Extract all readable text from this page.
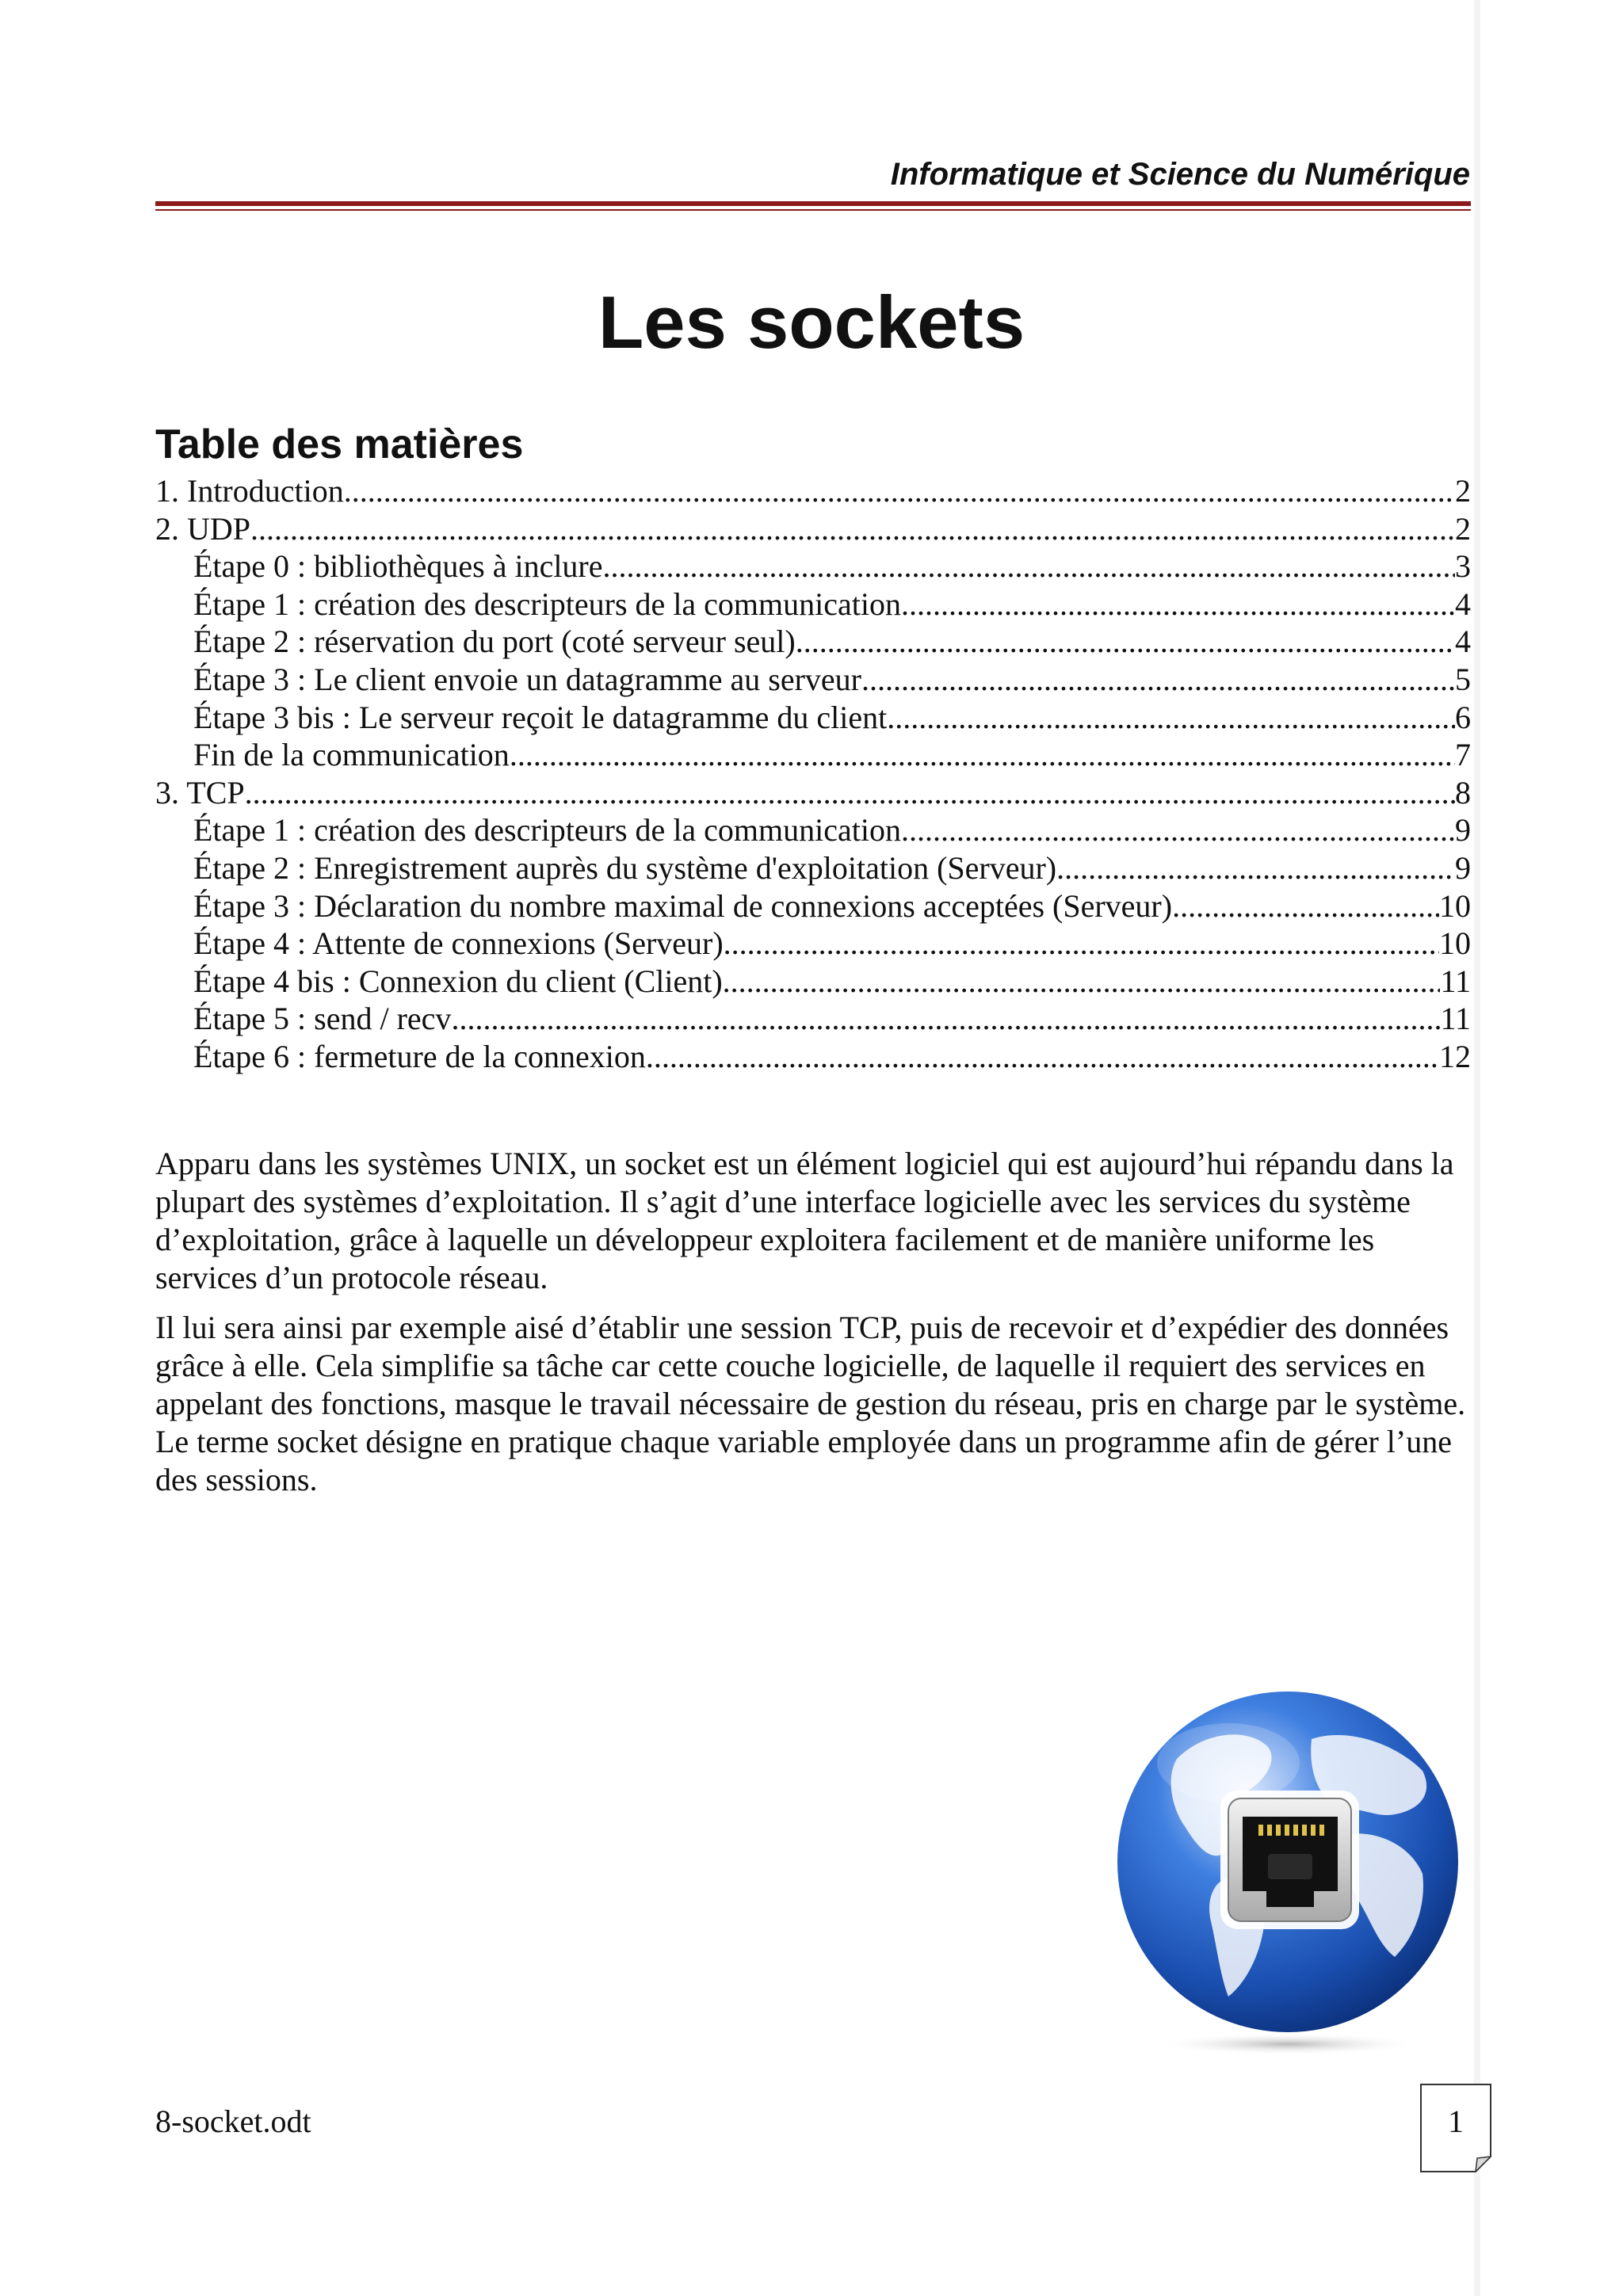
Informatique et Science du Numérique
Les sockets
Table des matières
1. Introduction .....	2
2. UDP .....	2
Étape 0 : bibliothèques à inclure .....	3
Étape 1 : création des descripteurs de la communication .....	4
Étape 2 : réservation du port (coté serveur seul) .....	4
Étape 3 : Le client envoie un datagramme au serveur .....	5
Étape 3 bis : Le serveur reçoit le datagramme du client .....	6
Fin de la communication .....	7
3. TCP .....	8
Étape 1 : création des descripteurs de la communication .....	9
Étape 2 : Enregistrement auprès du système d'exploitation (Serveur) .....	9
Étape 3 : Déclaration du nombre maximal de connexions acceptées (Serveur) .....	10
Étape 4 : Attente de connexions (Serveur) .....	10
Étape 4 bis : Connexion du client (Client) .....	11
Étape 5 : send / recv .....	11
Étape 6 : fermeture de la connexion .....	12

Apparu dans les systèmes UNIX, un socket est un élément logiciel qui est aujourd’hui répandu dans la plupart des systèmes d’exploitation. Il s’agit d’une interface logicielle avec les services du système d’exploitation, grâce à laquelle un développeur exploitera facilement et de manière uniforme les services d’un protocole réseau.

Il lui sera ainsi par exemple aisé d’établir une session TCP, puis de recevoir et d’expédier des données grâce à elle. Cela simplifie sa tâche car cette couche logicielle, de laquelle il requiert des services en appelant des fonctions, masque le travail nécessaire de gestion du réseau, pris en charge par le système. Le terme socket désigne en pratique chaque variable employée dans un programme afin de gérer l’une des sessions.

8-socket.odt	1
